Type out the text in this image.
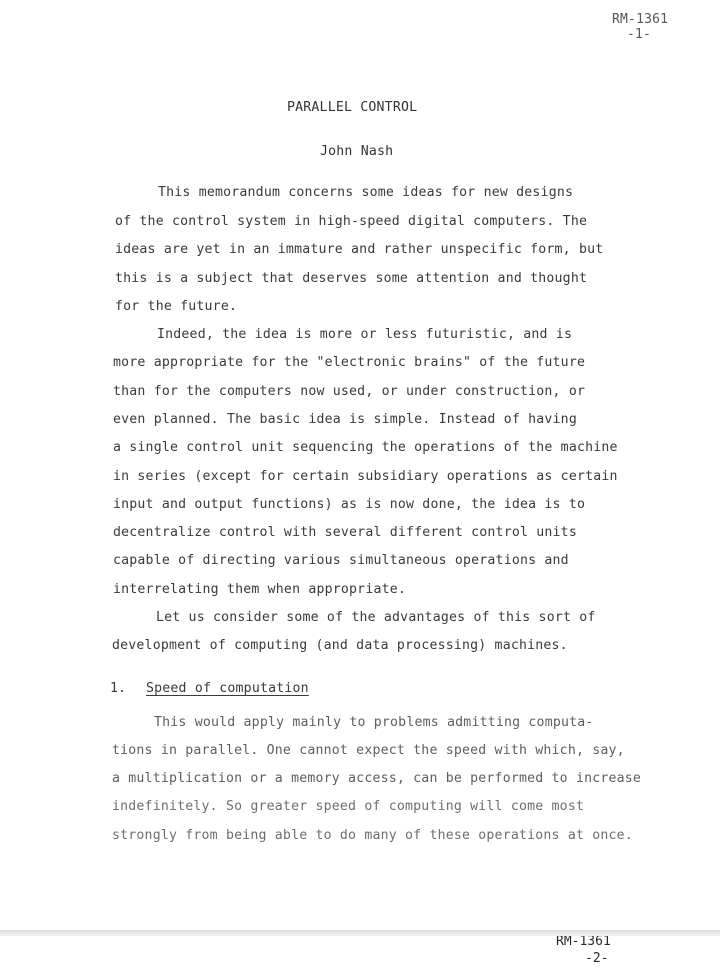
RM-1361
-1-
PARALLEL CONTROL
John Nash
This memorandum concerns some ideas for new designs
of the control system in high-speed digital computers. The
ideas are yet in an immature and rather unspecific form, but
this is a subject that deserves some attention and thought
for the future.
Indeed, the idea is more or less futuristic, and is
more appropriate for the "electronic brains" of the future
than for the computers now used, or under construction, or
even planned. The basic idea is simple. Instead of having
a single control unit sequencing the operations of the machine
in series (except for certain subsidiary operations as certain
input and output functions) as is now done, the idea is to
decentralize control with several different control units
capable of directing various simultaneous operations and
interrelating them when appropriate.
Let us consider some of the advantages of this sort of
development of computing (and data processing) machines.
1. Speed of computation
This would apply mainly to problems admitting computa-
tions in parallel. One cannot expect the speed with which, say,
a multiplication or a memory access, can be performed to increase
indefinitely. So greater speed of computing will come most
strongly from being able to do many of these operations at once.
RM-1361
-2-
